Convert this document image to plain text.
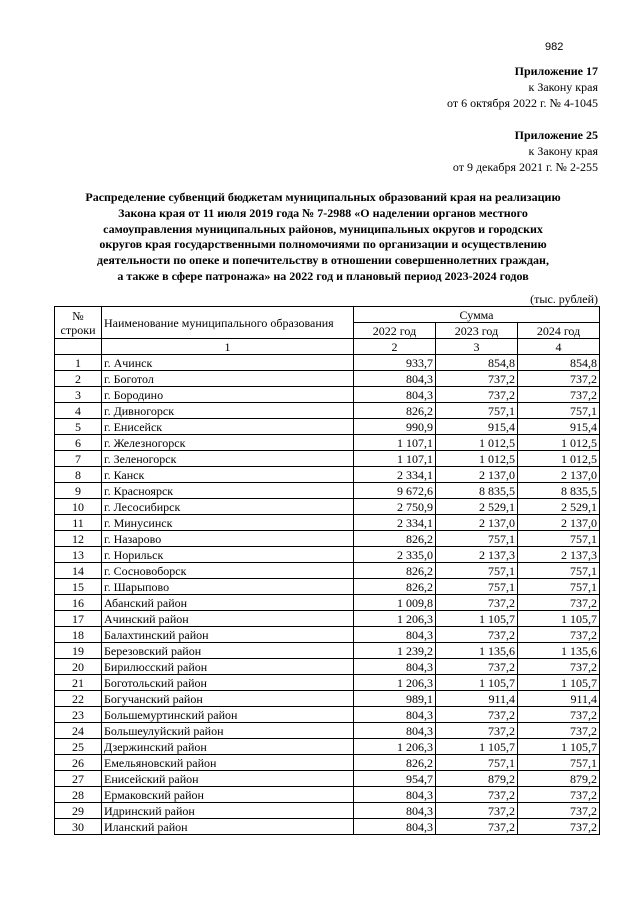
982
Приложение 17
к Закону края
от 6 октября 2022 г. № 4-1045
Приложение 25
к Закону края
от 9 декабря 2021 г. № 2-255
Распределение субвенций бюджетам муниципальных образований края на реализацию
Закона края от 11 июля 2019 года № 7-2988 «О наделении органов местного
самоуправления муниципальных районов, муниципальных округов и городских
округов края государственными полномочиями по организации и осуществлению
деятельности по опеке и попечительству в отношении совершеннолетних граждан,
а также в сфере патронажа» на 2022 год и плановый период 2023-2024 годов
(тыс. рублей)
№ строки	Наименование муниципального образования	Сумма		
		2022 год	2023 год	2024 год
	1	2	3	4
1	г. Ачинск	933,7	854,8	854,8
2	г. Боготол	804,3	737,2	737,2
3	г. Бородино	804,3	737,2	737,2
4	г. Дивногорск	826,2	757,1	757,1
5	г. Енисейск	990,9	915,4	915,4
6	г. Железногорск	1 107,1	1 012,5	1 012,5
7	г. Зеленогорск	1 107,1	1 012,5	1 012,5
8	г. Канск	2 334,1	2 137,0	2 137,0
9	г. Красноярск	9 672,6	8 835,5	8 835,5
10	г. Лесосибирск	2 750,9	2 529,1	2 529,1
11	г. Минусинск	2 334,1	2 137,0	2 137,0
12	г. Назарово	826,2	757,1	757,1
13	г. Норильск	2 335,0	2 137,3	2 137,3
14	г. Сосновоборск	826,2	757,1	757,1
15	г. Шарыпово	826,2	757,1	757,1
16	Абанский район	1 009,8	737,2	737,2
17	Ачинский район	1 206,3	1 105,7	1 105,7
18	Балахтинский район	804,3	737,2	737,2
19	Березовский район	1 239,2	1 135,6	1 135,6
20	Бирилюсский район	804,3	737,2	737,2
21	Боготольский район	1 206,3	1 105,7	1 105,7
22	Богучанский район	989,1	911,4	911,4
23	Большемуртинский район	804,3	737,2	737,2
24	Большеулуйский район	804,3	737,2	737,2
25	Дзержинский район	1 206,3	1 105,7	1 105,7
26	Емельяновский район	826,2	757,1	757,1
27	Енисейский район	954,7	879,2	879,2
28	Ермаковский район	804,3	737,2	737,2
29	Идринский район	804,3	737,2	737,2
30	Иланский район	804,3	737,2	737,2
